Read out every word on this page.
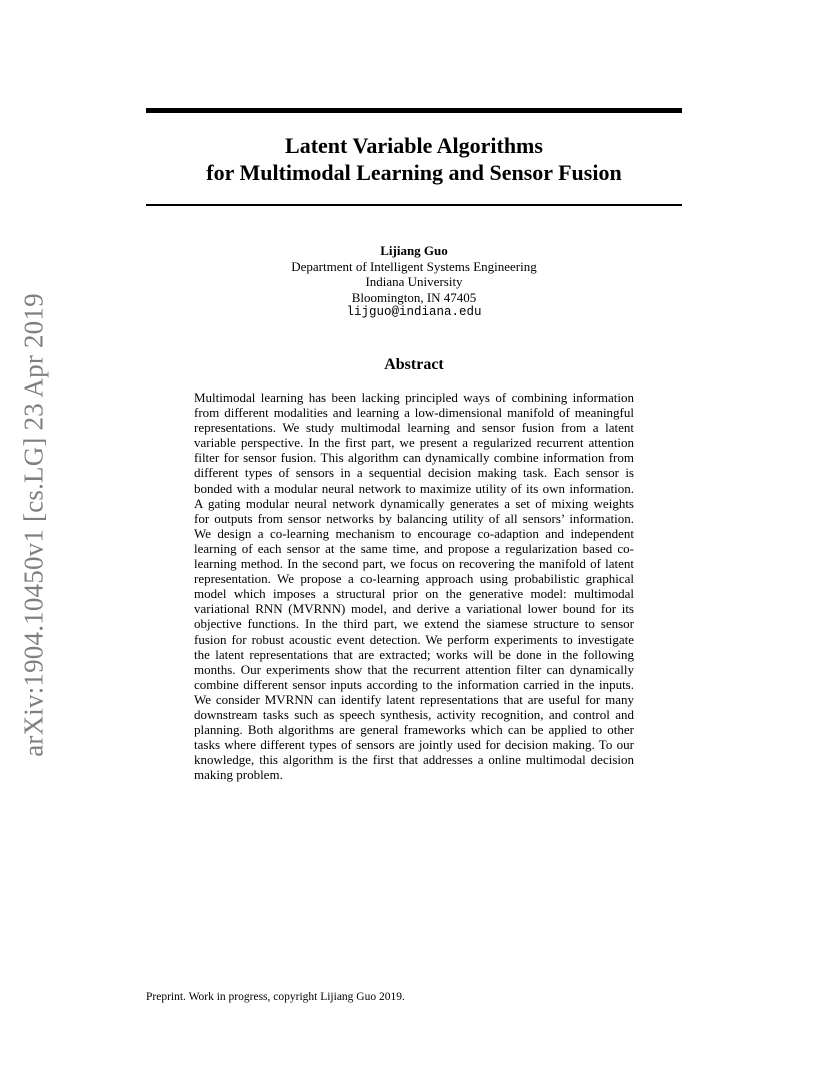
arXiv:1904.10450v1 [cs.LG] 23 Apr 2019
Latent Variable Algorithms
for Multimodal Learning and Sensor Fusion
Lijiang Guo
Department of Intelligent Systems Engineering
Indiana University
Bloomington, IN 47405
lijguo@indiana.edu
Abstract
Multimodal learning has been lacking principled ways of combining information
from different modalities and learning a low-dimensional manifold of meaningful
representations. We study multimodal learning and sensor fusion from a latent
variable perspective. In the first part, we present a regularized recurrent attention
filter for sensor fusion. This algorithm can dynamically combine information from
different types of sensors in a sequential decision making task. Each sensor is
bonded with a modular neural network to maximize utility of its own information.
A gating modular neural network dynamically generates a set of mixing weights
for outputs from sensor networks by balancing utility of all sensors’ information.
We design a co-learning mechanism to encourage co-adaption and independent
learning of each sensor at the same time, and propose a regularization based co-
learning method. In the second part, we focus on recovering the manifold of latent
representation. We propose a co-learning approach using probabilistic graphical
model which imposes a structural prior on the generative model: multimodal
variational RNN (MVRNN) model, and derive a variational lower bound for its
objective functions. In the third part, we extend the siamese structure to sensor
fusion for robust acoustic event detection. We perform experiments to investigate
the latent representations that are extracted; works will be done in the following
months. Our experiments show that the recurrent attention filter can dynamically
combine different sensor inputs according to the information carried in the inputs.
We consider MVRNN can identify latent representations that are useful for many
downstream tasks such as speech synthesis, activity recognition, and control and
planning. Both algorithms are general frameworks which can be applied to other
tasks where different types of sensors are jointly used for decision making. To our
knowledge, this algorithm is the first that addresses a online multimodal decision
making problem.
Preprint. Work in progress, copyright Lijiang Guo 2019.
